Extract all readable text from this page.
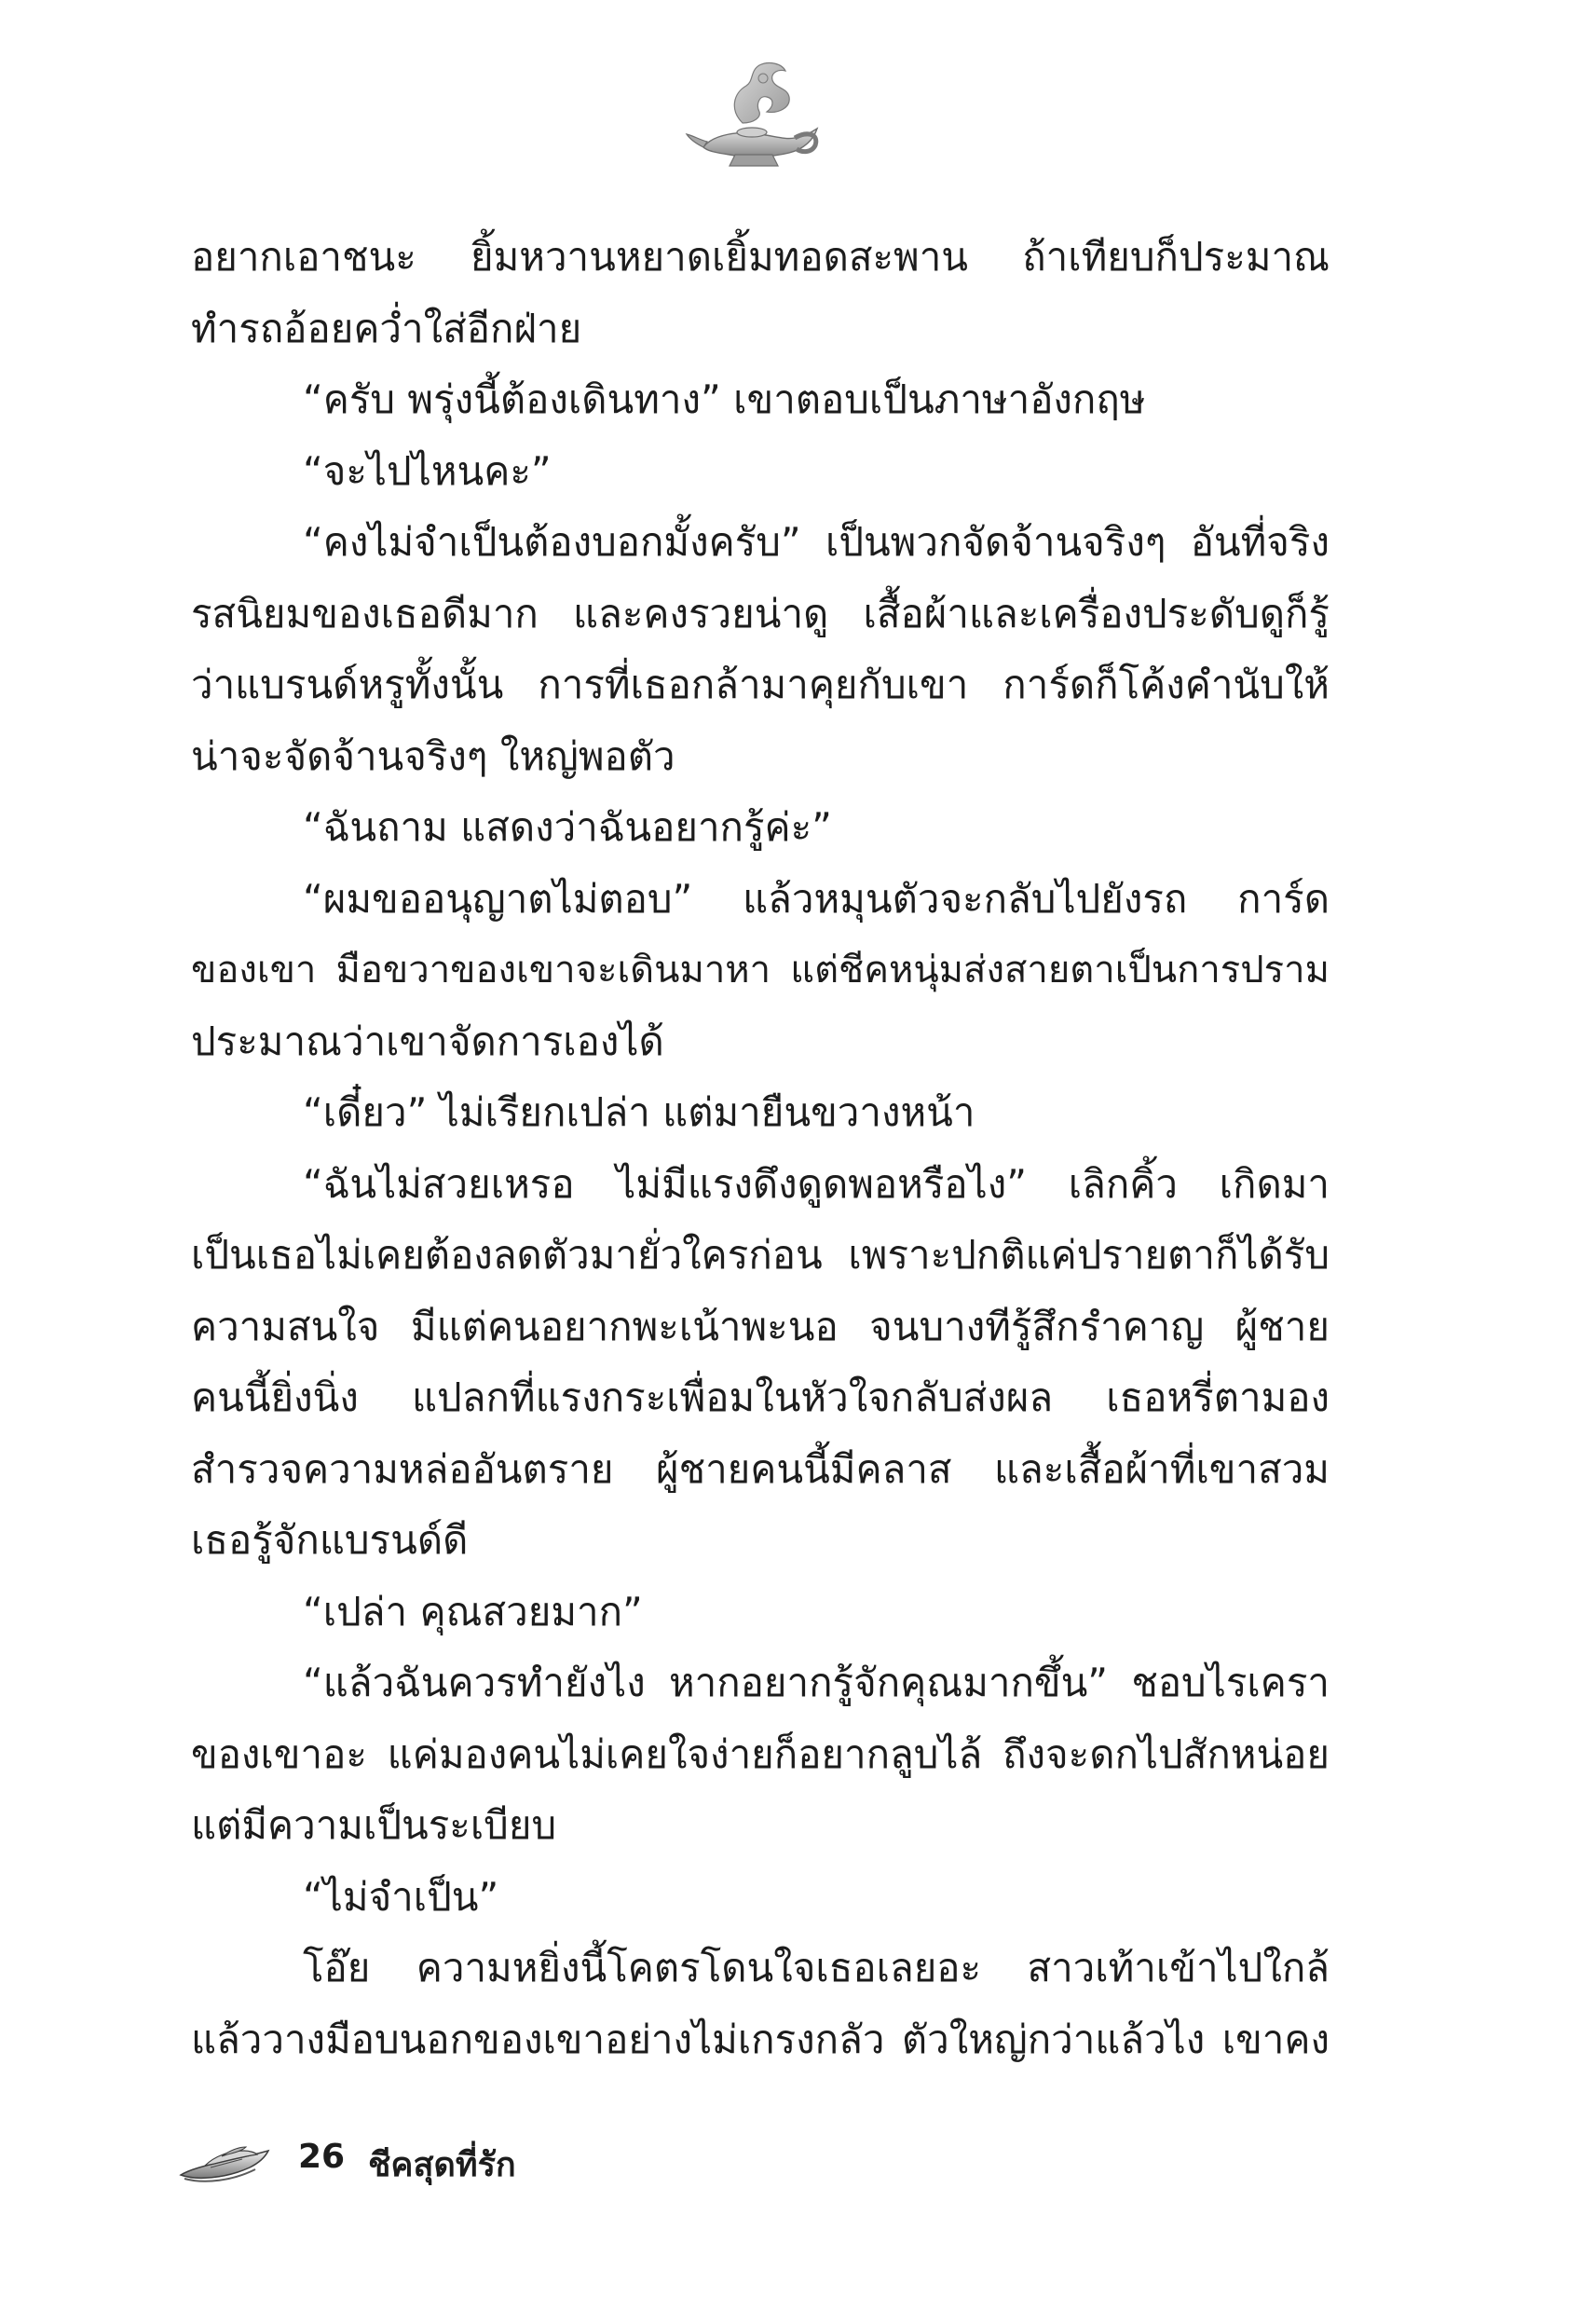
อยากเอาชนะ ยิ้มหวานหยาดเยิ้มทอดสะพาน ถ้าเทียบก็ประมาณ
ทำรถอ้อยคว่ำใส่อีกฝ่าย
“ครับ พรุ่งนี้ต้องเดินทาง” เขาตอบเป็นภาษาอังกฤษ
“จะไปไหนคะ”
“คงไม่จำเป็นต้องบอกมั้งครับ” เป็นพวกจัดจ้านจริงๆ อันที่จริง
รสนิยมของเธอดีมาก และคงรวยน่าดู เสื้อผ้าและเครื่องประดับดูก็รู้
ว่าแบรนด์หรูทั้งนั้น การที่เธอกล้ามาคุยกับเขา การ์ดก็โค้งคำนับให้
น่าจะจัดจ้านจริงๆ ใหญ่พอตัว
“ฉันถาม แสดงว่าฉันอยากรู้ค่ะ”
“ผมขออนุญาตไม่ตอบ” แล้วหมุนตัวจะกลับไปยังรถ การ์ด
ของเขา มือขวาของเขาจะเดินมาหา แต่ชีคหนุ่มส่งสายตาเป็นการปราม
ประมาณว่าเขาจัดการเองได้
“เดี๋ยว” ไม่เรียกเปล่า แต่มายืนขวางหน้า
“ฉันไม่สวยเหรอ ไม่มีแรงดึงดูดพอหรือไง” เลิกคิ้ว เกิดมา
เป็นเธอไม่เคยต้องลดตัวมายั่วใครก่อน เพราะปกติแค่ปรายตาก็ได้รับ
ความสนใจ มีแต่คนอยากพะเน้าพะนอ จนบางทีรู้สึกรำคาญ ผู้ชาย
คนนี้ยิ่งนิ่ง แปลกที่แรงกระเพื่อมในหัวใจกลับส่งผล เธอหรี่ตามอง
สำรวจความหล่ออันตราย ผู้ชายคนนี้มีคลาส และเสื้อผ้าที่เขาสวม
เธอรู้จักแบรนด์ดี
“เปล่า คุณสวยมาก”
“แล้วฉันควรทำยังไง หากอยากรู้จักคุณมากขึ้น” ชอบไรเครา
ของเขาอะ แค่มองคนไม่เคยใจง่ายก็อยากลูบไล้ ถึงจะดกไปสักหน่อย
แต่มีความเป็นระเบียบ
“ไม่จำเป็น”
โอ๊ย ความหยิ่งนี้โคตรโดนใจเธอเลยอะ สาวเท้าเข้าไปใกล้
แล้ววางมือบนอกของเขาอย่างไม่เกรงกลัว ตัวใหญ่กว่าแล้วไง เขาคง
26 ชีคสุดที่รัก
